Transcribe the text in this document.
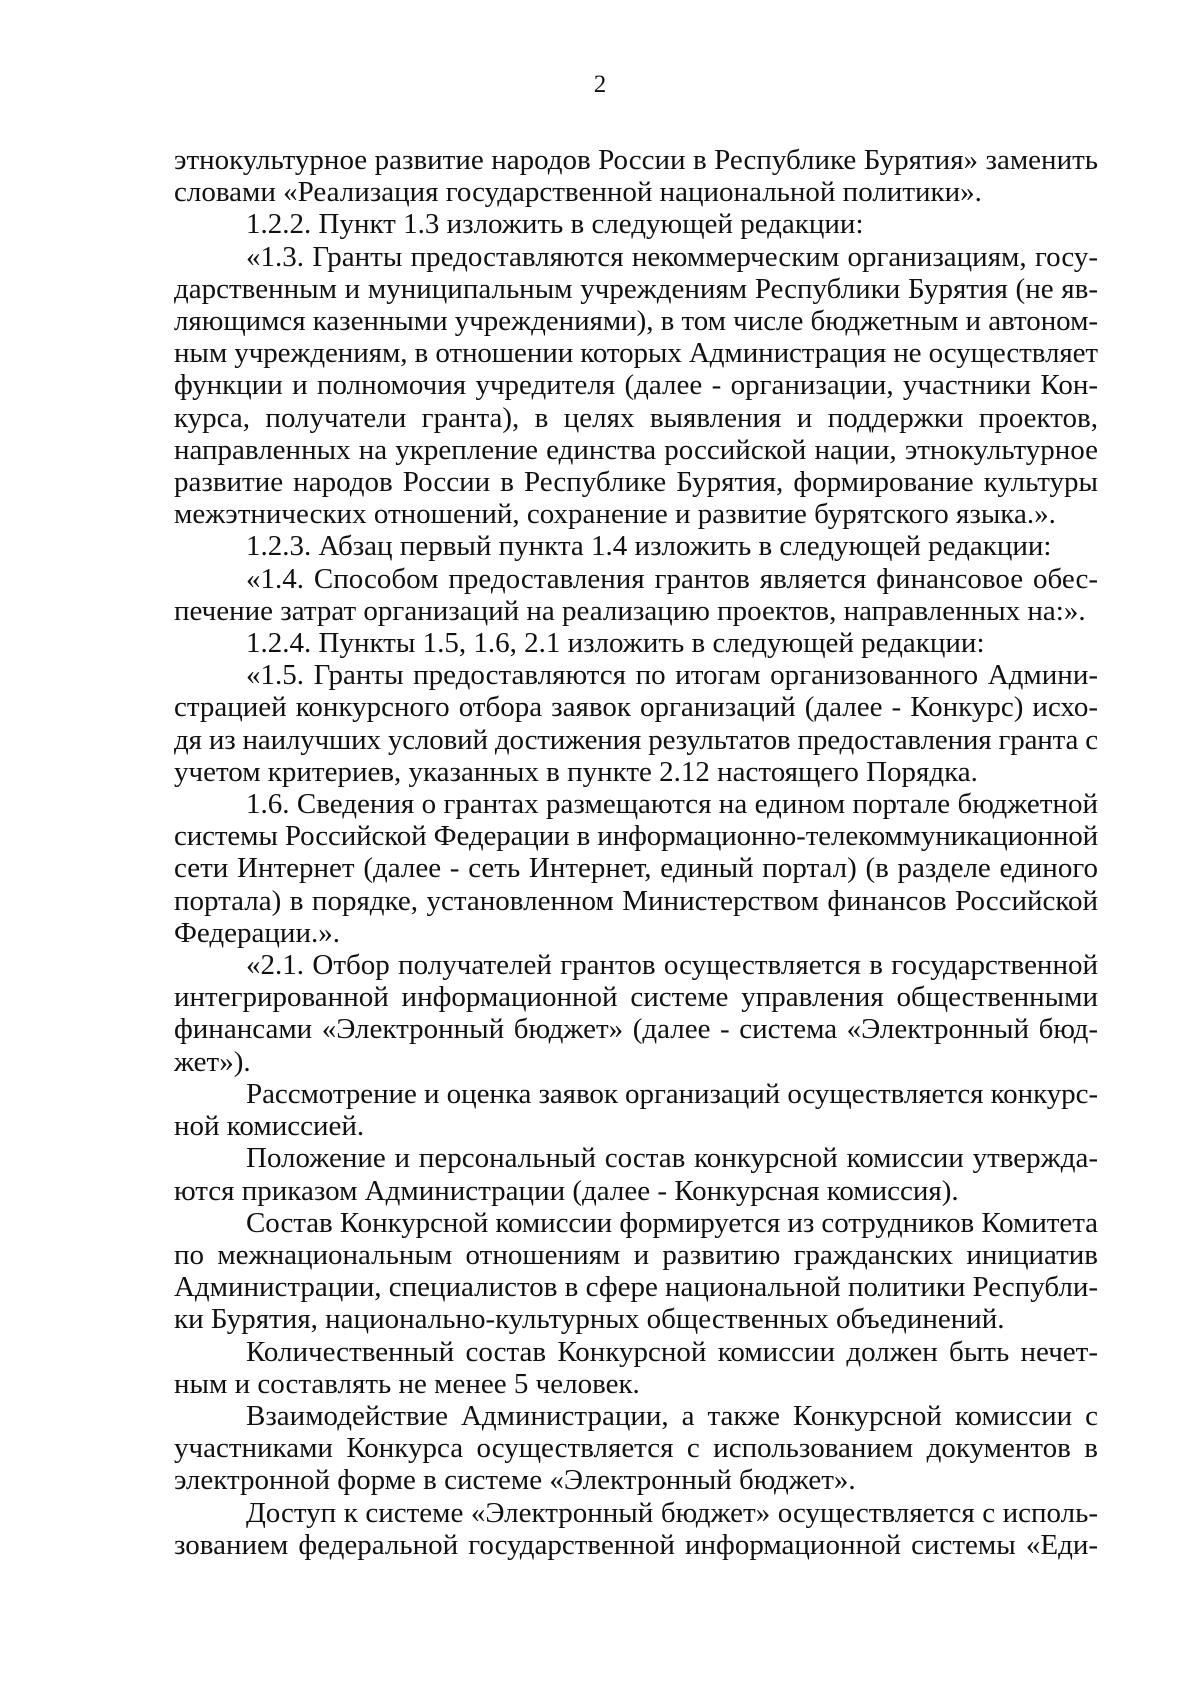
2
этнокультурное развитие народов России в Республике Бурятия» заменить
словами «Реализация государственной национальной политики».
1.2.2. Пункт 1.3 изложить в следующей редакции:
«1.3. Гранты предоставляются некоммерческим организациям, госу-
дарственным и муниципальным учреждениям Республики Бурятия (не яв-
ляющимся казенными учреждениями), в том числе бюджетным и автоном-
ным учреждениям, в отношении которых Администрация не осуществляет
функции и полномочия учредителя (далее - организации, участники Кон-
курса, получатели гранта), в целях выявления и поддержки проектов,
направленных на укрепление единства российской нации, этнокультурное
развитие народов России в Республике Бурятия, формирование культуры
межэтнических отношений, сохранение и развитие бурятского языка.».
1.2.3. Абзац первый пункта 1.4 изложить в следующей редакции:
«1.4. Способом предоставления грантов является финансовое обес-
печение затрат организаций на реализацию проектов, направленных на:».
1.2.4. Пункты 1.5, 1.6, 2.1 изложить в следующей редакции:
«1.5. Гранты предоставляются по итогам организованного Админи-
страцией конкурсного отбора заявок организаций (далее - Конкурс) исхо-
дя из наилучших условий достижения результатов предоставления гранта с
учетом критериев, указанных в пункте 2.12 настоящего Порядка.
1.6. Сведения о грантах размещаются на едином портале бюджетной
системы Российской Федерации в информационно-телекоммуникационной
сети Интернет (далее - сеть Интернет, единый портал) (в разделе единого
портала) в порядке, установленном Министерством финансов Российской
Федерации.».
«2.1. Отбор получателей грантов осуществляется в государственной
интегрированной информационной системе управления общественными
финансами «Электронный бюджет» (далее - система «Электронный бюд-
жет»).
Рассмотрение и оценка заявок организаций осуществляется конкурс-
ной комиссией.
Положение и персональный состав конкурсной комиссии утвержда-
ются приказом Администрации (далее - Конкурсная комиссия).
Состав Конкурсной комиссии формируется из сотрудников Комитета
по межнациональным отношениям и развитию гражданских инициатив
Администрации, специалистов в сфере национальной политики Республи-
ки Бурятия, национально-культурных общественных объединений.
Количественный состав Конкурсной комиссии должен быть нечет-
ным и составлять не менее 5 человек.
Взаимодействие Администрации, а также Конкурсной комиссии с
участниками Конкурса осуществляется с использованием документов в
электронной форме в системе «Электронный бюджет».
Доступ к системе «Электронный бюджет» осуществляется с исполь-
зованием федеральной государственной информационной системы «Еди-
